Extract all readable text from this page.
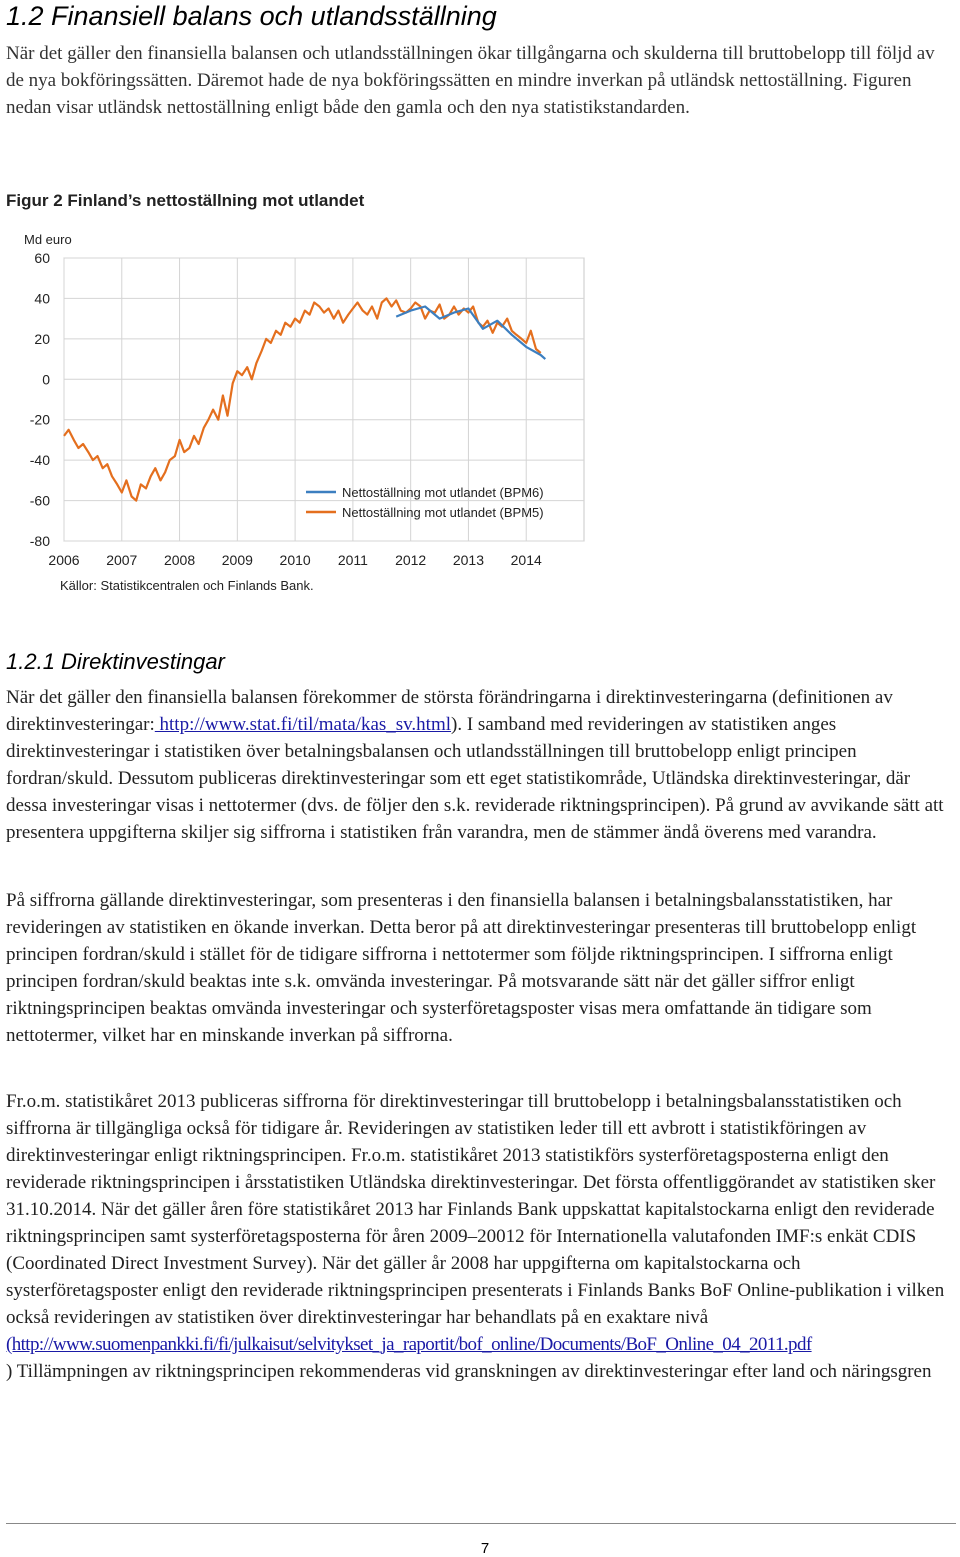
1.2 Finansiell balans och utlandsställning

När det gäller den finansiella balansen och utlandsställningen ökar tillgångarna och skulderna till bruttobelopp till följd av de nya bokföringssätten. Däremot hade de nya bokföringssätten en mindre inverkan på utländsk nettoställning. Figuren nedan visar utländsk nettoställning enligt både den gamla och den nya statistikstandarden.

Figur 2 Finland’s nettoställning mot utlandet

60
40
20
0
-20
-40
-60
-80
2006 2007 2008 2009 2010 2011 2012 2013 2014
Md euro
Nettoställning mot utlandet (BPM6)
Nettoställning mot utlandet (BPM5)
Källor: Statistikcentralen och Finlands Bank.
1.2.1 Direktinvestingar

När det gäller den finansiella balansen förekommer de största förändringarna i direktinvesteringarna (definitionen av direktinvesteringar: http://www.stat.fi/til/mata/kas_sv.html). I samband med revideringen av statistiken anges direktinvesteringar i statistiken över betalningsbalansen och utlandsställningen till bruttobelopp enligt principen fordran/skuld. Dessutom publiceras direktinvesteringar som ett eget statistikområde, Utländska direktinvesteringar, där dessa investeringar visas i nettotermer (dvs. de följer den s.k. reviderade riktningsprincipen). På grund av avvikande sätt att presentera uppgifterna skiljer sig siffrorna i statistiken från varandra, men de stämmer ändå överens med varandra.

På siffrorna gällande direktinvesteringar, som presenteras i den finansiella balansen i betalningsbalansstatistiken, har revideringen av statistiken en ökande inverkan. Detta beror på att direktinvesteringar presenteras till bruttobelopp enligt principen fordran/skuld i stället för de tidigare siffrorna i nettotermer som följde riktningsprincipen. I siffrorna enligt principen fordran/skuld beaktas inte s.k. omvända investeringar. På motsvarande sätt när det gäller siffror enligt riktningsprincipen beaktas omvända investeringar och systerföretagsposter visas mera omfattande än tidigare som nettotermer, vilket har en minskande inverkan på siffrorna.

Fr.o.m. statistikåret 2013 publiceras siffrorna för direktinvesteringar till bruttobelopp i betalningsbalansstatistiken och siffrorna är tillgängliga också för tidigare år. Revideringen av statistiken leder till ett avbrott i statistikföringen av direktinvesteringar enligt riktningsprincipen. Fr.o.m. statistikåret 2013 statistikförs systerföretagsposterna enligt den reviderade riktningsprincipen i årsstatistiken Utländska direktinvesteringar. Det första offentliggörandet av statistiken sker 31.10.2014. När det gäller åren före statistikåret 2013 har Finlands Bank uppskattat kapitalstockarna enligt den reviderade riktningsprincipen samt systerföretagsposterna för åren 2009–20012 för Internationella valutafonden IMF:s enkät CDIS (Coordinated Direct Investment Survey). När det gäller år 2008 har uppgifterna om kapitalstockarna och systerföretagsposter enligt den reviderade riktningsprincipen presenterats i Finlands Banks BoF Online-publikation i vilken också revideringen av statistiken över direktinvesteringar har behandlats på en exaktare nivå
(http://www.suomenpankki.fi/fi/julkaisut/selvitykset_ja_raportit/bof_online/Documents/BoF_Online_04_2011.pdf
) Tillämpningen av riktningsprincipen rekommenderas vid granskningen av direktinvesteringar efter land och näringsgren

7
